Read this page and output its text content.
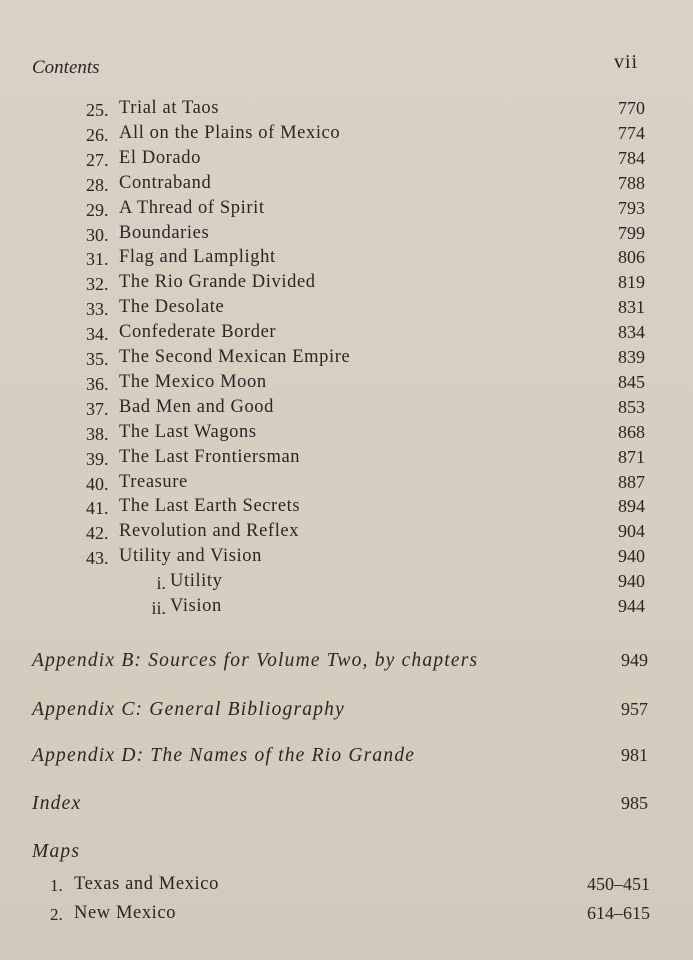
Contents	vii
25. Trial at Taos	770
26. All on the Plains of Mexico	774
27. El Dorado	784
28. Contraband	788
29. A Thread of Spirit	793
30. Boundaries	799
31. Flag and Lamplight	806
32. The Rio Grande Divided	819
33. The Desolate	831
34. Confederate Border	834
35. The Second Mexican Empire	839
36. The Mexico Moon	845
37. Bad Men and Good	853
38. The Last Wagons	868
39. The Last Frontiersman	871
40. Treasure	887
41. The Last Earth Secrets	894
42. Revolution and Reflex	904
43. Utility and Vision	940
i. Utility	940
ii. Vision	944
Appendix B: Sources for Volume Two, by chapters	949
Appendix C: General Bibliography	957
Appendix D: The Names of the Rio Grande	981
Index	985
Maps
1. Texas and Mexico	450–451
2. New Mexico	614–615
